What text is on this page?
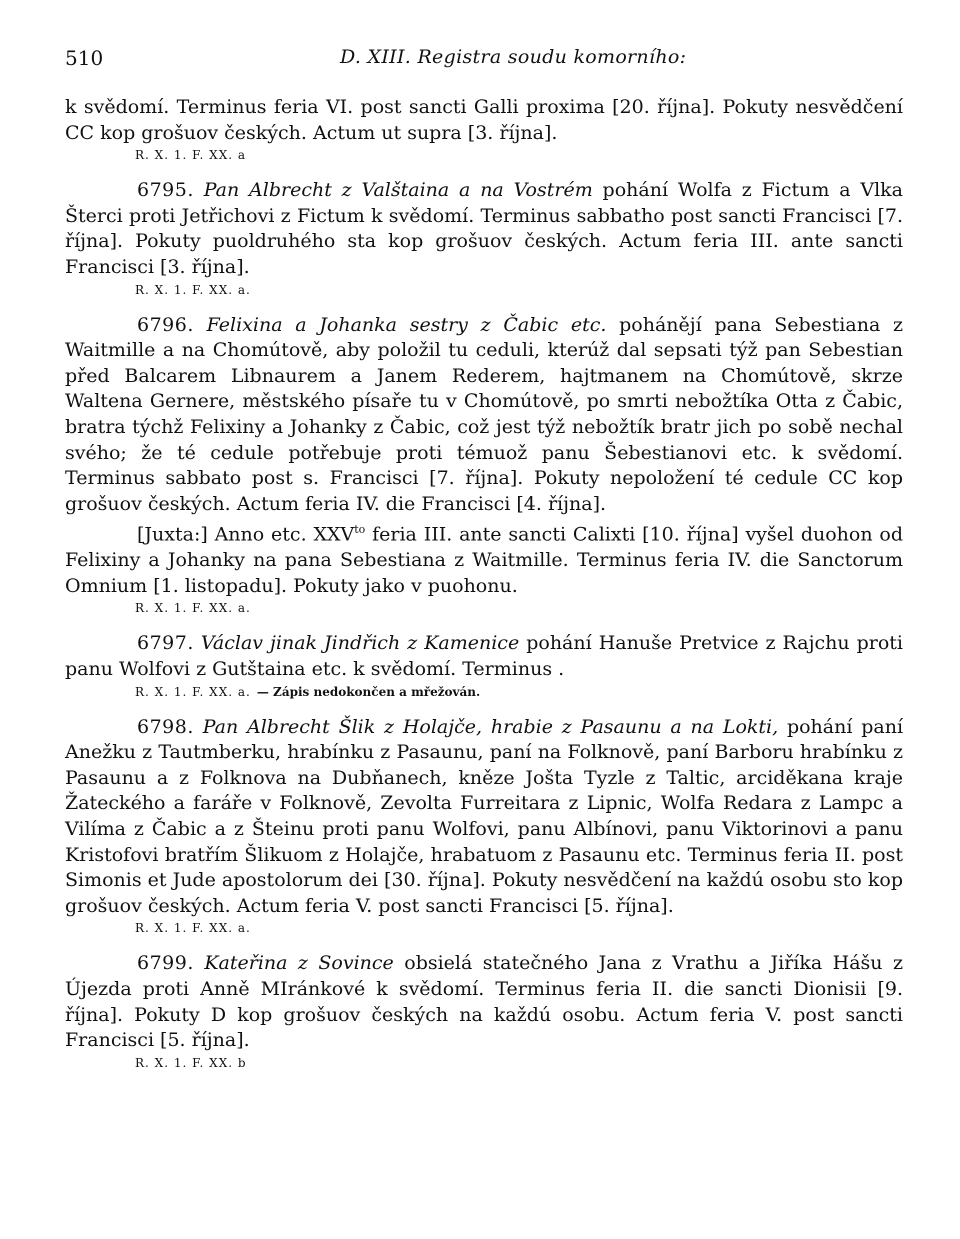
510	D. XIII. Registra soudu komorního:

k svědomí. Terminus feria VI. post sancti Galli proxima [20. října]. Pokuty nesvědčení CC kop grošuov českých. Actum ut supra [3. října].

R. X. 1. F. XX. a

6795. Pan Albrecht z Valštaina a na Vostrém pohání Wolfa z Fictum a Vlka Šterci proti Jetřichovi z Fictum k svědomí. Terminus sabbatho post sancti Francisci [7. října]. Pokuty puoldruhého sta kop grošuov českých. Actum feria III. ante sancti Francisci [3. října].

R. X. 1. F. XX. a.

6796. Felixina a Johanka sestry z Čabic etc. pohánějí pana Sebestiana z Waitmille a na Chomútově, aby položil tu ceduli, kterúž dal sepsati týž pan Sebestian před Balcarem Libnaurem a Janem Rederem, hajtmanem na Chomútově, skrze Waltena Gernere, městského písaře tu v Chomútově, po smrti nebožtíka Otta z Čabic, bratra týchž Felixiny a Johanky z Čabic, což jest týž nebožtík bratr jich po sobě nechal svého; že té cedule potřebuje proti témuož panu Šebestianovi etc. k svědomí. Terminus sabbato post s. Francisci [7. října]. Pokuty nepoložení té cedule CC kop grošuov českých. Actum feria IV. die Francisci [4. října].

[Juxta:] Anno etc. $XXV^{to}$ feria III. ante sancti Calixti [10. října] vyšel duohon od Felixiny a Johanky na pana Sebestiana z Waitmille. Terminus feria IV. die Sanctorum Omnium [1. listopadu]. Pokuty jako v puohonu.

R. X. 1. F. XX. a.

6797. Václav jinak Jindřich z Kamenice pohání Hanuše Pretvice z Rajchu proti panu Wolfovi z Gutštaina etc. k svědomí. Terminus .

R. X. 1. F. XX. a. — Zápis nedokončen a mřežován.

6798. Pan Albrecht Šlik z Holajče, hrabie z Pasaunu a na Lokti, pohání paní Anežku z Tautmberku, hrabínku z Pasaunu, paní na Folknově, paní Barboru hrabínku z Pasaunu a z Folknova na Dubňanech, kněze Jošta Tyzle z Taltic, arciděkana kraje Žateckého a faráře v Folknově, Zevolta Furreitara z Lipnic, Wolfa Redara z Lampc a Vilíma z Čabic a z Šteinu proti panu Wolfovi, panu Albínovi, panu Viktorinovi a panu Kristofovi bratřím Šlikuom z Holajče, hrabatuom z Pasaunu etc. Terminus feria II. post Simonis et Jude apostolorum dei [30. října]. Pokuty nesvědčení na každú osobu sto kop grošuov českých. Actum feria V. post sancti Francisci [5. října].

R. X. 1. F. XX. a.

6799. Kateřina z Sovince obsielá statečného Jana z Vrathu a Jiříka Hášu z Újezda proti Anně MIránkové k svědomí. Terminus feria II. die sancti Dionisii [9. října]. Pokuty D kop grošuov českých na každú osobu. Actum feria V. post sancti Francisci [5. října].

R. X. 1. F. XX. b
